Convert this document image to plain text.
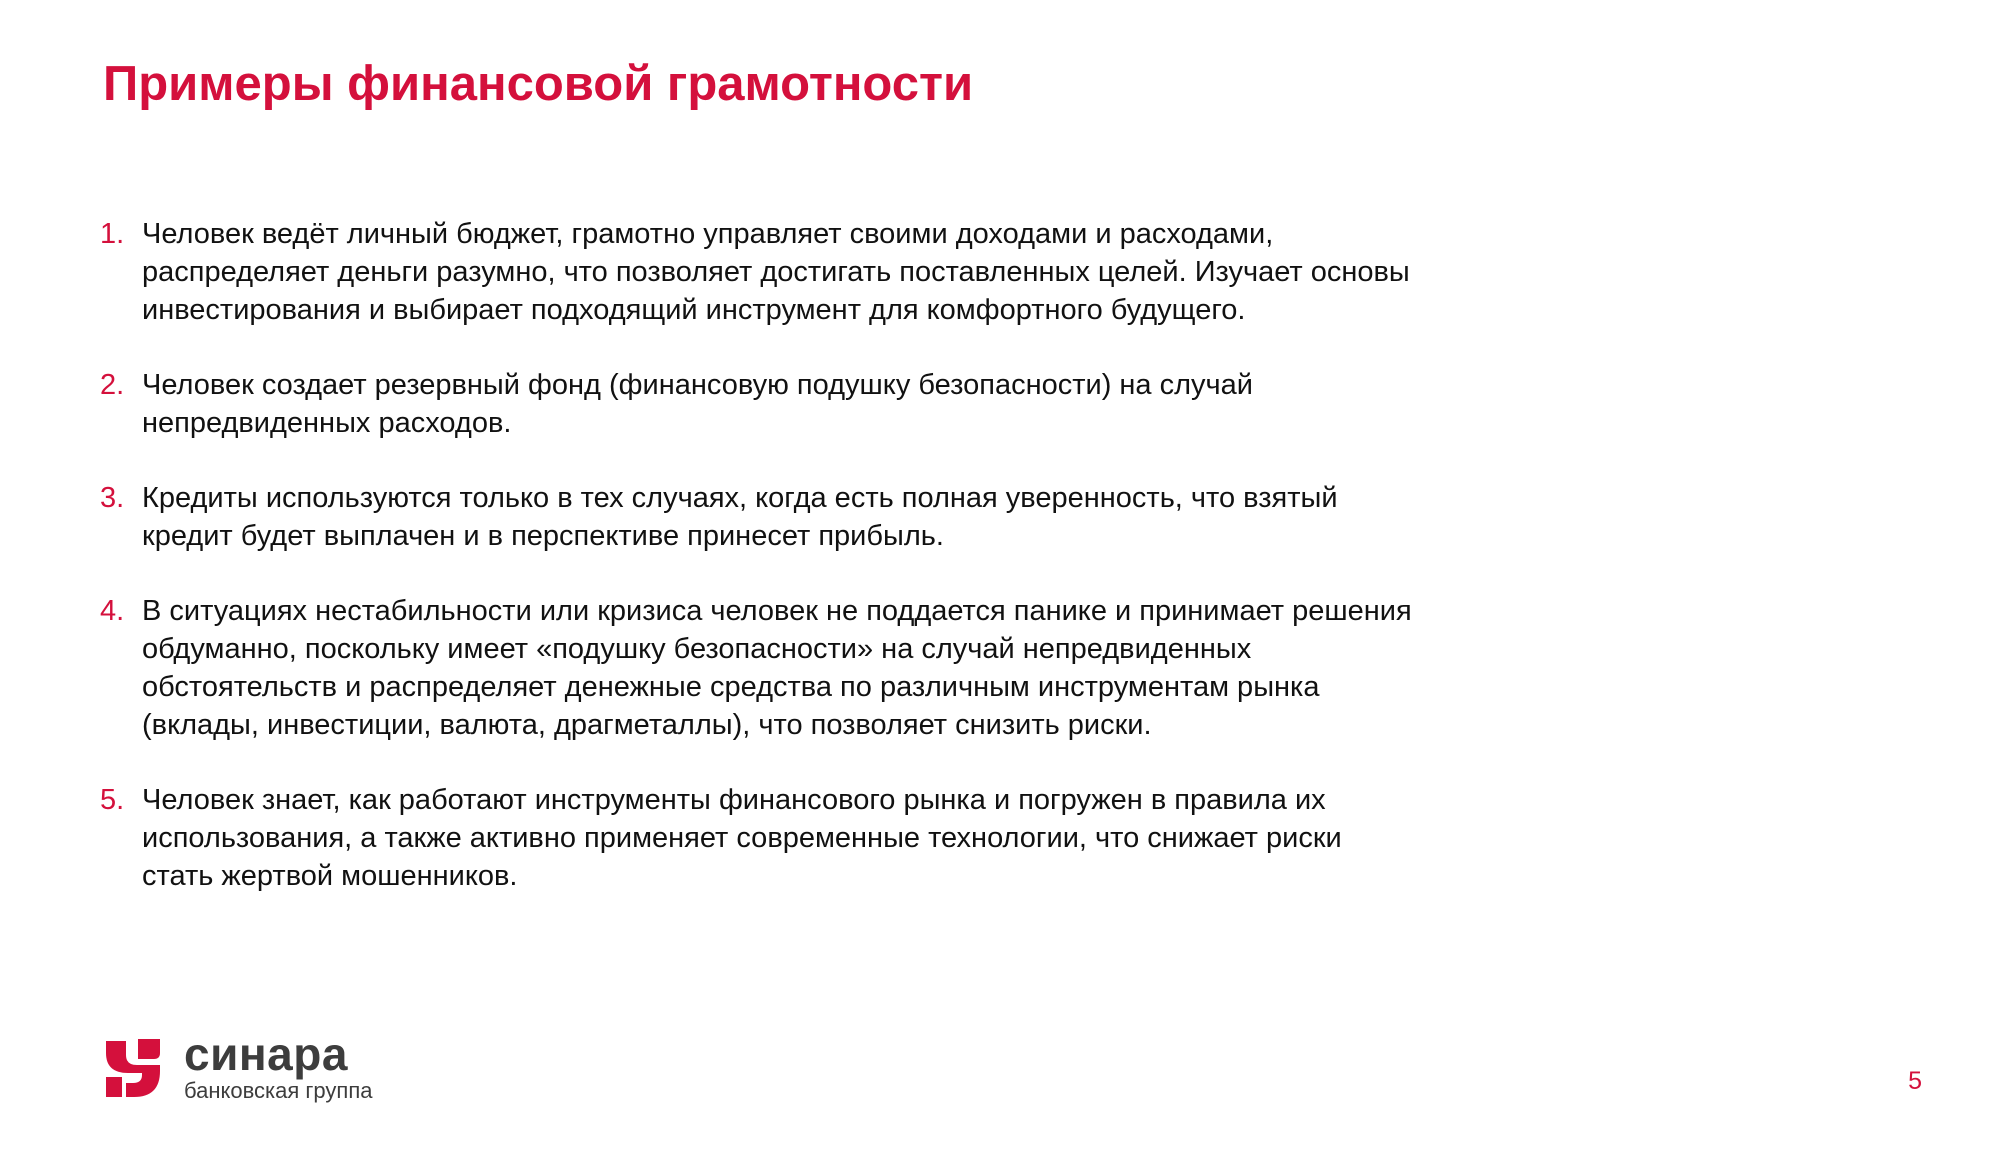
Примеры финансовой грамотности
1. Человек ведёт личный бюджет, грамотно управляет своими доходами и расходами,
распределяет деньги разумно, что позволяет достигать поставленных целей. Изучает основы
инвестирования и выбирает подходящий инструмент для комфортного будущего.
2. Человек создает резервный фонд (финансовую подушку безопасности) на случай
непредвиденных расходов.
3. Кредиты используются только в тех случаях, когда есть полная уверенность, что взятый
кредит будет выплачен и в перспективе принесет прибыль.
4. В ситуациях нестабильности или кризиса человек не поддается панике и принимает решения
обдуманно, поскольку имеет «подушку безопасности» на случай непредвиденных
обстоятельств и распределяет денежные средства по различным инструментам рынка
(вклады, инвестиции, валюта, драгметаллы), что позволяет снизить риски.
5. Человек знает, как работают инструменты финансового рынка и погружен в правила их
использования, а также активно применяет современные технологии, что снижает риски
стать жертвой мошенников.
синара
банковская группа	5
